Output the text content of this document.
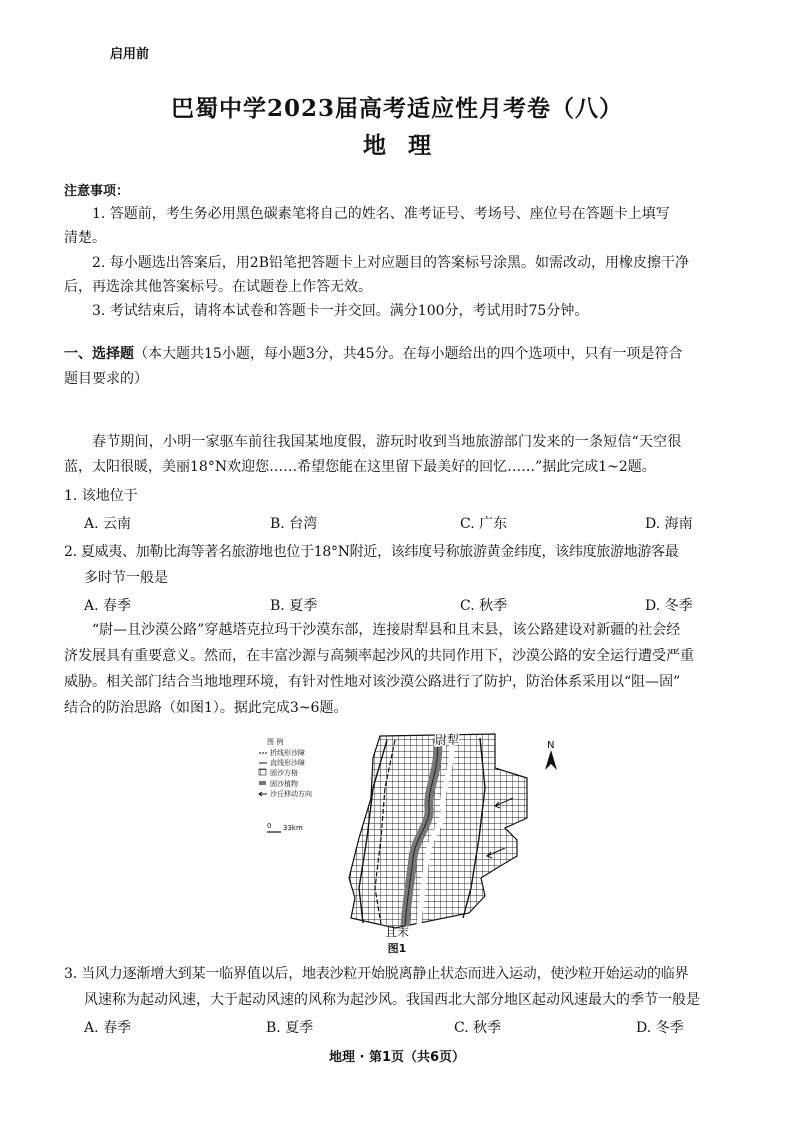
启用前
巴蜀中学2023届高考适应性月考卷（八）
地理
注意事项：
1. 答题前，考生务必用黑色碳素笔将自己的姓名、准考证号、考场号、座位号在答题卡上填写
清楚。
2. 每小题选出答案后，用2B铅笔把答题卡上对应题目的答案标号涂黑。如需改动，用橡皮擦干净
后，再选涂其他答案标号。在试题卷上作答无效。
3. 考试结束后，请将本试卷和答题卡一并交回。满分100分，考试用时75分钟。
一、选择题（本大题共15小题，每小题3分，共45分。在每小题给出的四个选项中，只有一项是符合
题目要求的）
春节期间，小明一家驱车前往我国某地度假，游玩时收到当地旅游部门发来的一条短信“天空很
蓝，太阳很暖，美丽18°N欢迎您……希望您能在这里留下最美好的回忆……”据此完成1~2题。
1. 该地位于
A. 云南	B. 台湾	C. 广东	D. 海南
2. 夏威夷、加勒比海等著名旅游地也位于18°N附近，该纬度号称旅游黄金纬度，该纬度旅游地游客最
多时节一般是
A. 春季	B. 夏季	C. 秋季	D. 冬季
“尉—且沙漠公路”穿越塔克拉玛干沙漠东部，连接尉犁县和且末县，该公路建设对新疆的社会经
济发展具有重要意义。然而，在丰富沙源与高频率起沙风的共同作用下，沙漠公路的安全运行遭受严重
威胁。相关部门结合当地地理环境，有针对性地对该沙漠公路进行了防护，防治体系采用以“阻—固”
结合的防治思路（如图1）。据此完成3~6题。
图 例
折线形沙障
直线形沙障
固沙方格
固沙植物
沙丘移动方向
0 33km
N
尉犁
且末
图1
3. 当风力逐渐增大到某一临界值以后，地表沙粒开始脱离静止状态而进入运动，使沙粒开始运动的临界
风速称为起动风速，大于起动风速的风称为起沙风。我国西北大部分地区起动风速最大的季节一般是
A. 春季	B. 夏季	C. 秋季	D. 冬季
地理 · 第1页（共6页）
